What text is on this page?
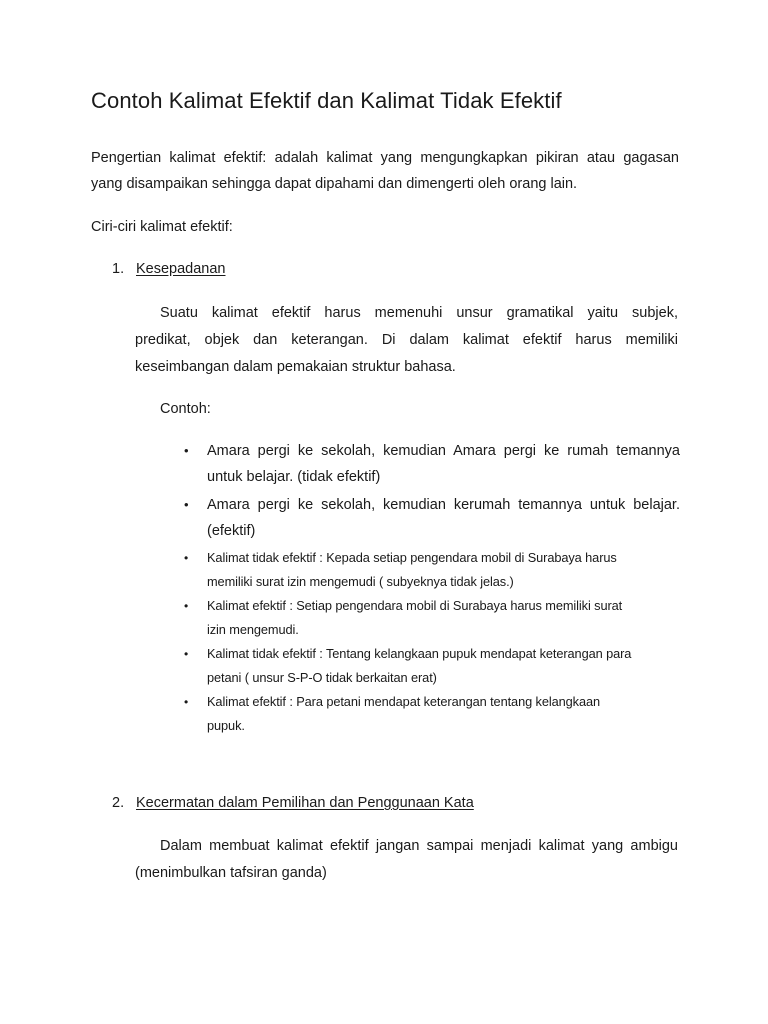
Contoh Kalimat Efektif dan Kalimat Tidak Efektif

Pengertian kalimat efektif: adalah kalimat yang mengungkapkan pikiran atau gagasan
yang disampaikan sehingga dapat dipahami dan dimengerti oleh orang lain.

Ciri-ciri kalimat efektif:

1. Kesepadanan

Suatu kalimat efektif harus memenuhi unsur gramatikal yaitu subjek,
predikat, objek dan keterangan. Di dalam kalimat efektif harus memiliki
keseimbangan dalam pemakaian struktur bahasa.

Contoh:

• Amara pergi ke sekolah, kemudian Amara pergi ke rumah temannya
untuk belajar. (tidak efektif)
• Amara pergi ke sekolah, kemudian kerumah temannya untuk belajar.
(efektif)
• Kalimat tidak efektif : Kepada setiap pengendara mobil di Surabaya harus
memiliki surat izin mengemudi ( subyeknya tidak jelas.)
• Kalimat efektif : Setiap pengendara mobil di Surabaya harus memiliki surat
izin mengemudi.
• Kalimat tidak efektif : Tentang kelangkaan pupuk mendapat keterangan para
petani ( unsur S-P-O tidak berkaitan erat)
• Kalimat efektif : Para petani mendapat keterangan tentang kelangkaan
pupuk.
2. Kecermatan dalam Pemilihan dan Penggunaan Kata

Dalam membuat kalimat efektif jangan sampai menjadi kalimat yang ambigu
(menimbulkan tafsiran ganda)
